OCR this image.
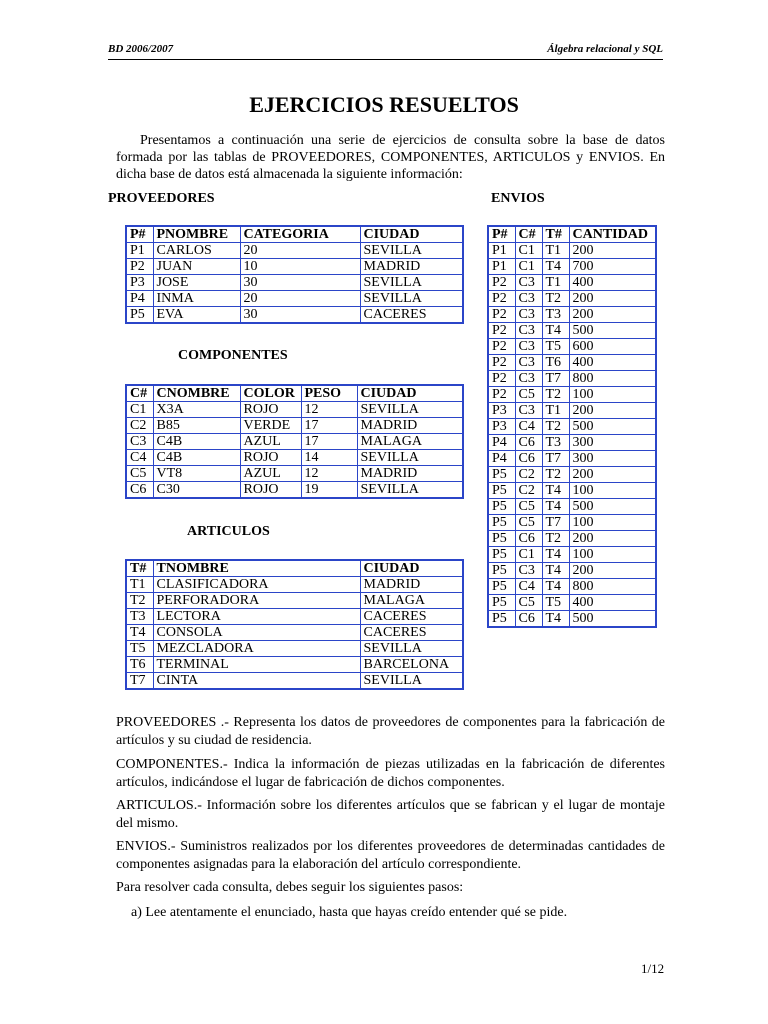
BD 2006/2007	Álgebra relacional y SQL
EJERCICIOS RESUELTOS

Presentamos a continuación una serie de ejercicios de consulta sobre la base de datos formada por las tablas de PROVEEDORES, COMPONENTES, ARTICULOS y ENVIOS. En dicha base de datos está almacenada la siguiente información:

PROVEEDORES	ENVIOS
P#	PNOMBRE	CATEGORIA	CIUDAD
P1	CARLOS	20	SEVILLA
P2	JUAN	10	MADRID
P3	JOSE	30	SEVILLA
P4	INMA	20	SEVILLA
P5	EVA	30	CACERES
P#	C#	T#	CANTIDAD
P1	C1	T1	200
P1	C1	T4	700
P2	C3	T1	400
P2	C3	T2	200
P2	C3	T3	200
P2	C3	T4	500
P2	C3	T5	600
P2	C3	T6	400
P2	C3	T7	800
P2	C5	T2	100
P3	C3	T1	200
P3	C4	T2	500
P4	C6	T3	300
P4	C6	T7	300
P5	C2	T2	200
P5	C2	T4	100
P5	C5	T4	500
P5	C5	T7	100
P5	C6	T2	200
P5	C1	T4	100
P5	C3	T4	200
P5	C4	T4	800
P5	C5	T5	400
P5	C6	T4	500
COMPONENTES
C#	CNOMBRE	COLOR	PESO	CIUDAD
C1	X3A	ROJO	12	SEVILLA
C2	B85	VERDE	17	MADRID
C3	C4B	AZUL	17	MALAGA
C4	C4B	ROJO	14	SEVILLA
C5	VT8	AZUL	12	MADRID
C6	C30	ROJO	19	SEVILLA
ARTICULOS
T#	TNOMBRE	CIUDAD
T1	CLASIFICADORA	MADRID
T2	PERFORADORA	MALAGA
T3	LECTORA	CACERES
T4	CONSOLA	CACERES
T5	MEZCLADORA	SEVILLA
T6	TERMINAL	BARCELONA
T7	CINTA	SEVILLA

PROVEEDORES .- Representa los datos de proveedores de componentes para la fabricación de artículos y su ciudad de residencia.

COMPONENTES.- Indica la información de piezas utilizadas en la fabricación de diferentes artículos, indicándose el lugar de fabricación de dichos componentes.

ARTICULOS.- Información sobre los diferentes artículos que se fabrican y el lugar de montaje del mismo.

ENVIOS.- Suministros realizados por los diferentes proveedores de determinadas cantidades de componentes asignadas para la elaboración del artículo correspondiente.

Para resolver cada consulta, debes seguir los siguientes pasos:

a) Lee atentamente el enunciado, hasta que hayas creído entender qué se pide.

1/12
